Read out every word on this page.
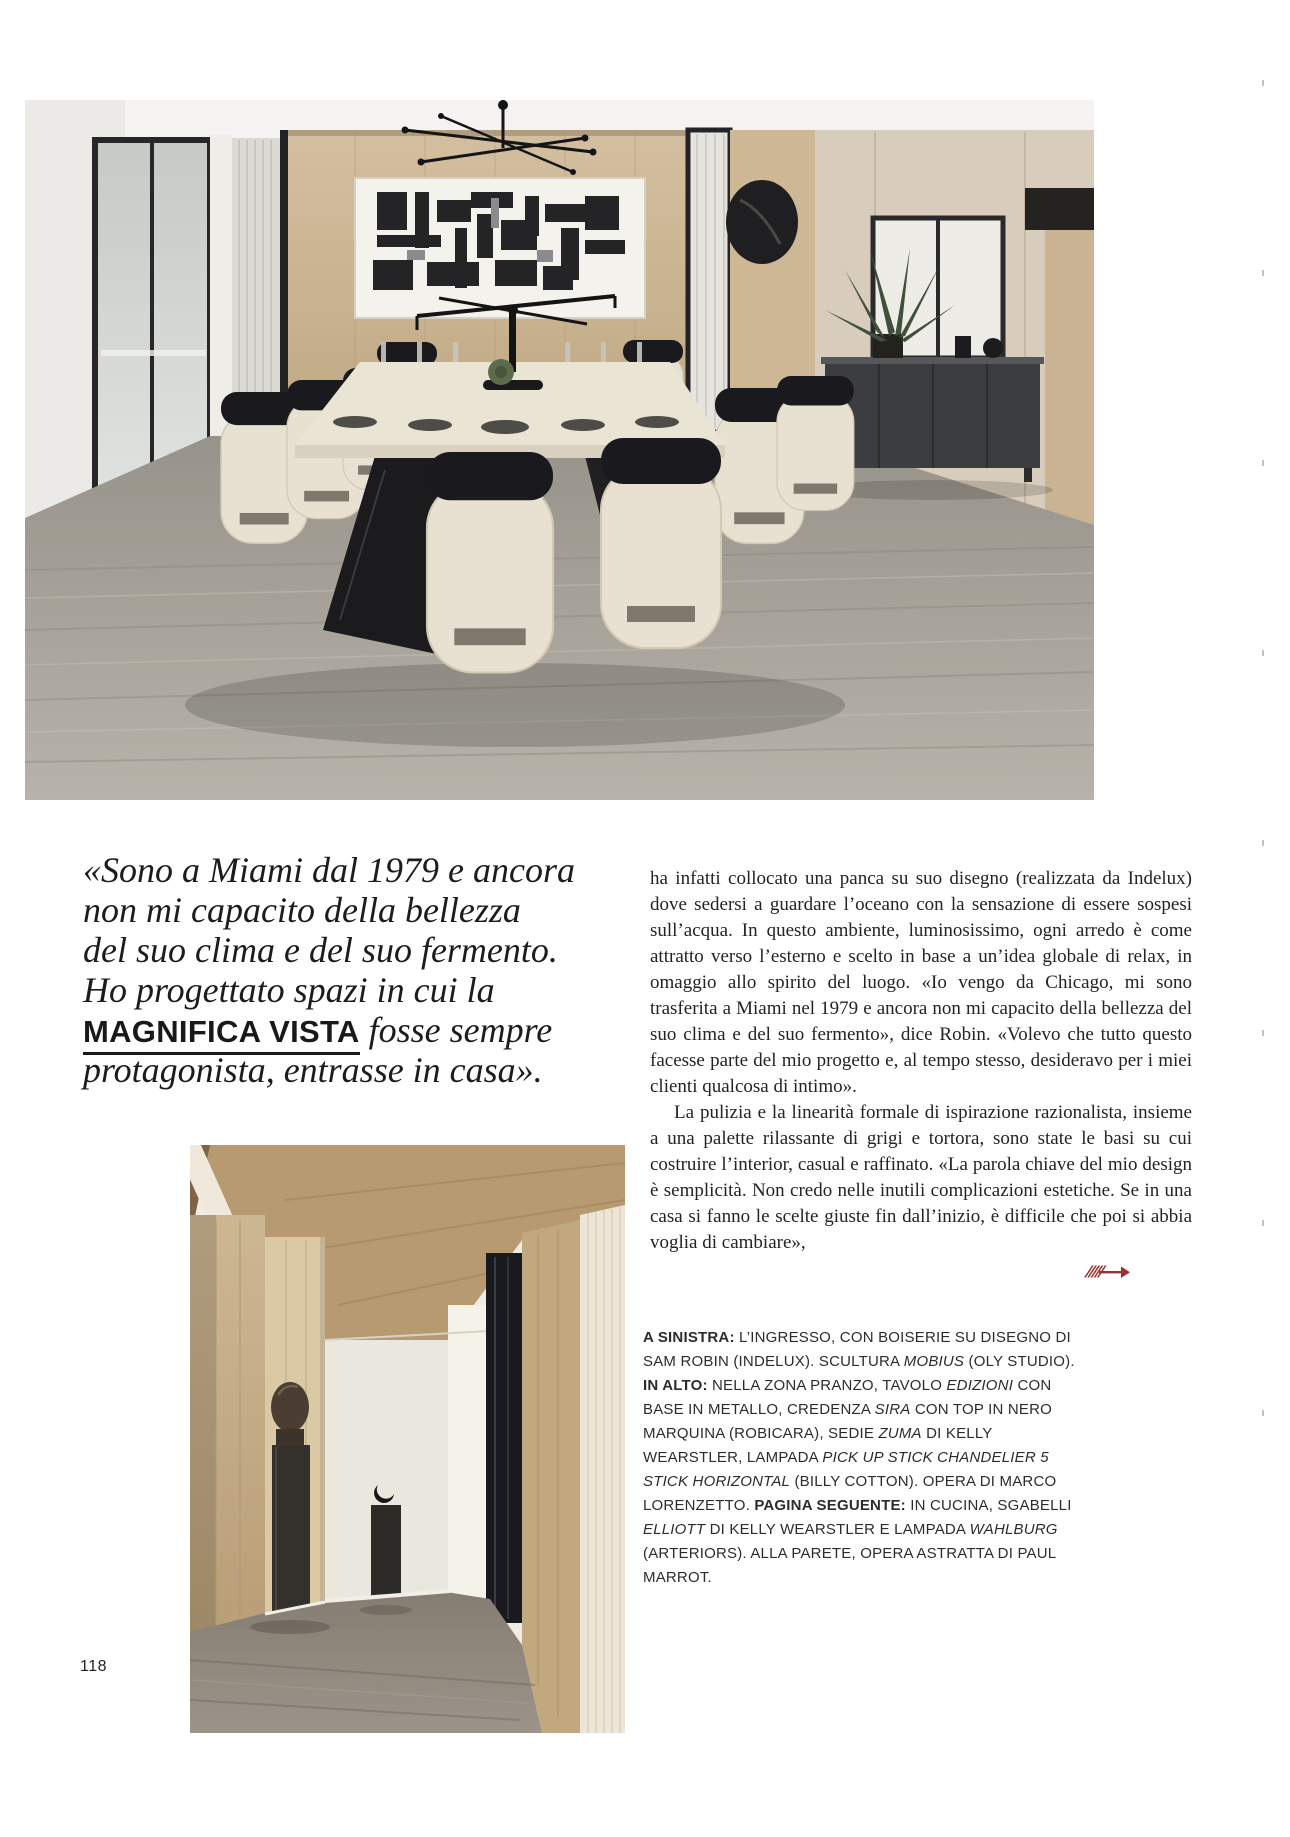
«Sono a Miami dal 1979 e ancora
non mi capacito della bellezza
del suo clima e del suo fermento.
Ho progettato spazi in cui la
MAGNIFICA VISTA fosse sempre
protagonista, entrasse in casa».

ha infatti collocato una panca su suo disegno (realizzata da Indelux) dove sedersi a guardare l’oceano con la sensazione di essere sospesi sull’acqua. In questo ambiente, luminosissimo, ogni arredo è come attratto verso l’esterno e scelto in base a un’idea globale di relax, in omaggio allo spirito del luogo. «Io vengo da Chicago, mi sono trasferita a Miami nel 1979 e ancora non mi capacito della bellezza del suo clima e del suo fermento», dice Robin. «Volevo che tutto questo facesse parte del mio progetto e, al tempo stesso, desideravo per i miei clienti qualcosa di intimo».

La pulizia e la linearità formale di ispirazione razionalista, insieme a una palette rilassante di grigi e tortora, sono state le basi su cui costruire l’interior, casual e raffinato. «La parola chiave del mio design è semplicità. Non credo nelle inutili complicazioni estetiche. Se in una casa si fanno le scelte giuste fin dall’inizio, è difficile che poi si abbia voglia di cambiare»,

A SINISTRA: L’INGRESSO, CON BOISERIE SU DISEGNO DI SAM ROBIN (INDELUX). SCULTURA MOBIUS (OLY STUDIO). IN ALTO: NELLA ZONA PRANZO, TAVOLO EDIZIONI CON BASE IN METALLO, CREDENZA SIRA CON TOP IN NERO MARQUINA (ROBICARA), SEDIE ZUMA DI KELLY WEARSTLER, LAMPADA PICK UP STICK CHANDELIER 5 STICK HORIZONTAL (BILLY COTTON). OPERA DI MARCO LORENZETTO. PAGINA SEGUENTE: IN CUCINA, SGABELLI ELLIOTT DI KELLY WEARSTLER E LAMPADA WAHLBURG (ARTERIORS). ALLA PARETE, OPERA ASTRATTA DI PAUL MARROT.
118
